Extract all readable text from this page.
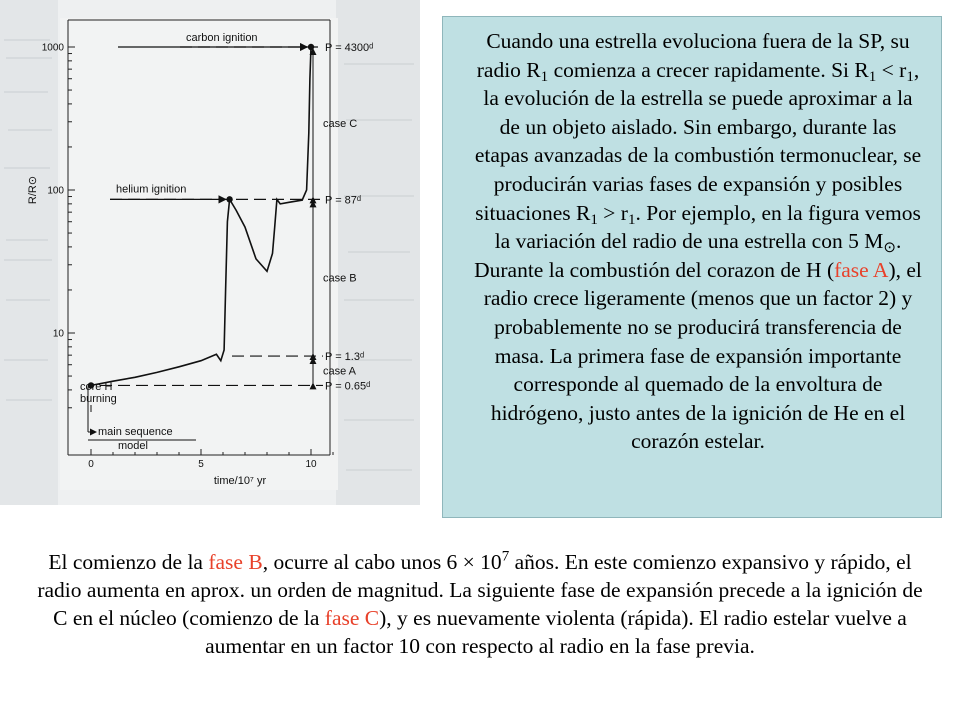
10
100
1000
0	5	10
time/10⁷ yr
R/R⊙
P = 4300ᵈ
P = 87ᵈ
P = 1.3ᵈ
P = 0.65ᵈ
case A
case B
case C
carbon ignition
helium ignition
core H
burning
main sequence
model
Cuando una estrella evoluciona fuera de la SP, su radio $R_1$ comienza a crecer rapidamente. Si $R_1 < r_1$, la evolución de la estrella se puede aproximar a la de un objeto aislado. Sin embargo, durante las etapas avanzadas de la combustión termonuclear, se producirán varias fases de expansión y posibles situaciones $R_1 > r_1$. Por ejemplo, en la figura vemos la variación del radio de una estrella con 5 $M_⊙$. Durante la combustión del corazon de H (fase A), el radio crece ligeramente (menos que un factor 2) y probablemente no se producirá transferencia de masa. La primera fase de expansión importante corresponde al quemado de la envoltura de hidrógeno, justo antes de la ignición de He en el corazón estelar.
El comienzo de la fase B, ocurre al cabo unos $6 \times 10^7$ años. En este comienzo expansivo y rápido, el radio aumenta en aprox. un orden de magnitud. La siguiente fase de expansión precede a la ignición de C en el núcleo (comienzo de la fase C), y es nuevamente violenta (rápida). El radio estelar vuelve a aumentar en un factor 10 con respecto al radio en la fase previa.
